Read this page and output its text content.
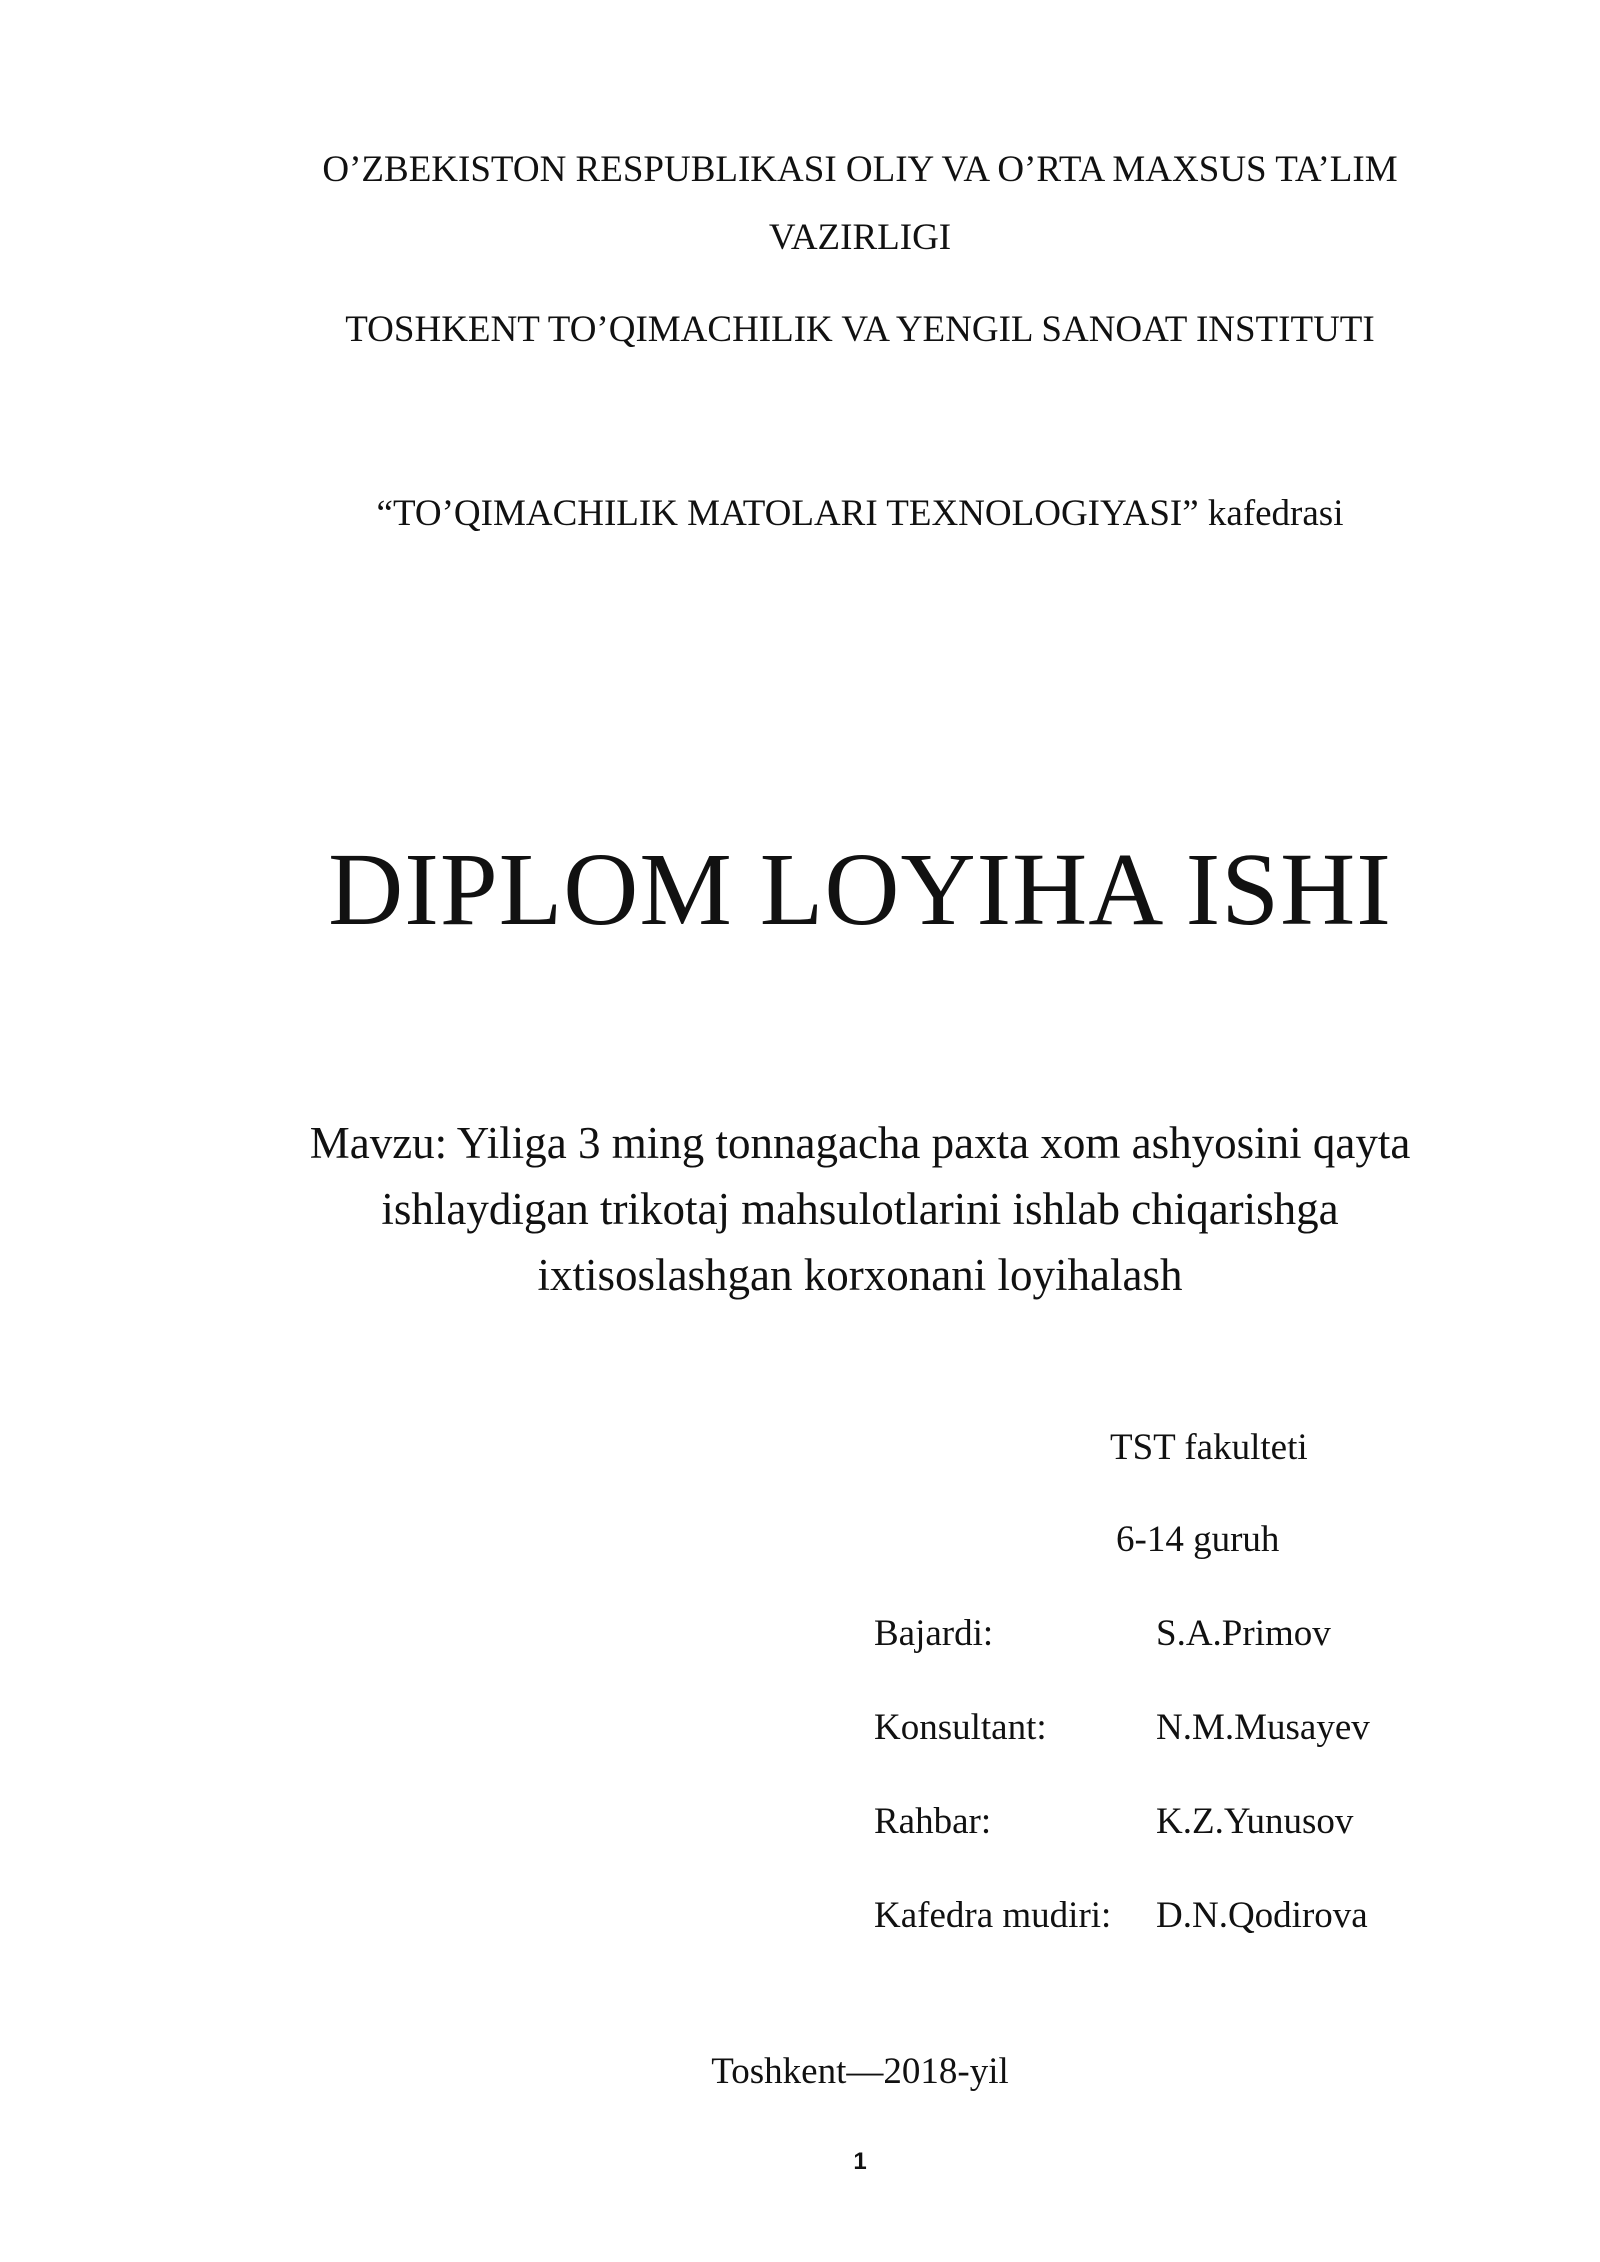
O’ZBEKISTON RESPUBLIKASI OLIY VA O’RTA MAXSUS TA’LIM
VAZIRLIGI
TOSHKENT TO’QIMACHILIK VA YENGIL SANOAT INSTITUTI
“TO’QIMACHILIK MATOLARI TEXNOLOGIYASI” kafedrasi
DIPLOM LOYIHA ISHI
Mavzu: Yiliga 3 ming tonnagacha paxta xom ashyosini qayta
ishlaydigan trikotaj mahsulotlarini ishlab chiqarishga
ixtisoslashgan korxonani loyihalash
TST fakulteti
6-14 guruh
Bajardi:	S.A.Primov
Konsultant:	N.M.Musayev
Rahbar:	K.Z.Yunusov
Kafedra mudiri: D.N.Qodirova
Toshkent—2018-yil
1
